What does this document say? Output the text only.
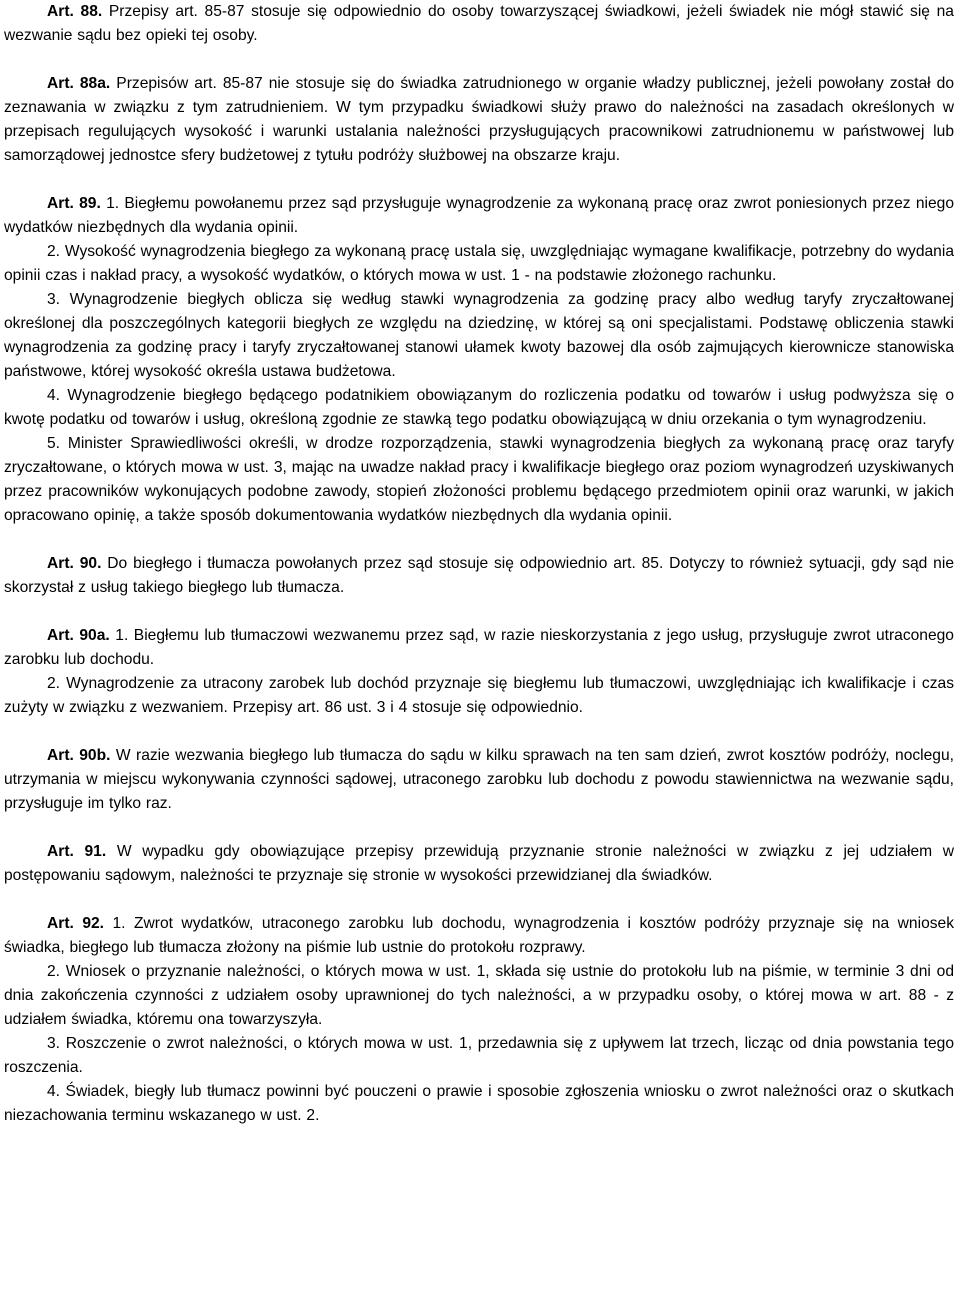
Art. 88. Przepisy art. 85-87 stosuje się odpowiednio do osoby towarzyszącej świadkowi, jeżeli świadek nie mógł stawić się na wezwanie sądu bez opieki tej osoby.

Art. 88a. Przepisów art. 85-87 nie stosuje się do świadka zatrudnionego w organie władzy publicznej, jeżeli powołany został do zeznawania w związku z tym zatrudnieniem. W tym przypadku świadkowi służy prawo do należności na zasadach określonych w przepisach regulujących wysokość i warunki ustalania należności przysługujących pracownikowi zatrudnionemu w państwowej lub samorządowej jednostce sfery budżetowej z tytułu podróży służbowej na obszarze kraju.

Art. 89. 1. Biegłemu powołanemu przez sąd przysługuje wynagrodzenie za wykonaną pracę oraz zwrot poniesionych przez niego wydatków niezbędnych dla wydania opinii.

2. Wysokość wynagrodzenia biegłego za wykonaną pracę ustala się, uwzględniając wymagane kwalifikacje, potrzebny do wydania opinii czas i nakład pracy, a wysokość wydatków, o których mowa w ust. 1 - na podstawie złożonego rachunku.

3. Wynagrodzenie biegłych oblicza się według stawki wynagrodzenia za godzinę pracy albo według taryfy zryczałtowanej określonej dla poszczególnych kategorii biegłych ze względu na dziedzinę, w której są oni specjalistami. Podstawę obliczenia stawki wynagrodzenia za godzinę pracy i taryfy zryczałtowanej stanowi ułamek kwoty bazowej dla osób zajmujących kierownicze stanowiska państwowe, której wysokość określa ustawa budżetowa.

4. Wynagrodzenie biegłego będącego podatnikiem obowiązanym do rozliczenia podatku od towarów i usług podwyższa się o kwotę podatku od towarów i usług, określoną zgodnie ze stawką tego podatku obowiązującą w dniu orzekania o tym wynagrodzeniu.

5. Minister Sprawiedliwości określi, w drodze rozporządzenia, stawki wynagrodzenia biegłych za wykonaną pracę oraz taryfy zryczałtowane, o których mowa w ust. 3, mając na uwadze nakład pracy i kwalifikacje biegłego oraz poziom wynagrodzeń uzyskiwanych przez pracowników wykonujących podobne zawody, stopień złożoności problemu będącego przedmiotem opinii oraz warunki, w jakich opracowano opinię, a także sposób dokumentowania wydatków niezbędnych dla wydania opinii.

Art. 90. Do biegłego i tłumacza powołanych przez sąd stosuje się odpowiednio art. 85. Dotyczy to również sytuacji, gdy sąd nie skorzystał z usług takiego biegłego lub tłumacza.

Art. 90a. 1. Biegłemu lub tłumaczowi wezwanemu przez sąd, w razie nieskorzystania z jego usług, przysługuje zwrot utraconego zarobku lub dochodu.

2. Wynagrodzenie za utracony zarobek lub dochód przyznaje się biegłemu lub tłumaczowi, uwzględniając ich kwalifikacje i czas zużyty w związku z wezwaniem. Przepisy art. 86 ust. 3 i 4 stosuje się odpowiednio.

Art. 90b. W razie wezwania biegłego lub tłumacza do sądu w kilku sprawach na ten sam dzień, zwrot kosztów podróży, noclegu, utrzymania w miejscu wykonywania czynności sądowej, utraconego zarobku lub dochodu z powodu stawiennictwa na wezwanie sądu, przysługuje im tylko raz.

Art. 91. W wypadku gdy obowiązujące przepisy przewidują przyznanie stronie należności w związku z jej udziałem w postępowaniu sądowym, należności te przyznaje się stronie w wysokości przewidzianej dla świadków.

Art. 92. 1. Zwrot wydatków, utraconego zarobku lub dochodu, wynagrodzenia i kosztów podróży przyznaje się na wniosek świadka, biegłego lub tłumacza złożony na piśmie lub ustnie do protokołu rozprawy.

2. Wniosek o przyznanie należności, o których mowa w ust. 1, składa się ustnie do protokołu lub na piśmie, w terminie 3 dni od dnia zakończenia czynności z udziałem osoby uprawnionej do tych należności, a w przypadku osoby, o której mowa w art. 88 - z udziałem świadka, któremu ona towarzyszyła.

3. Roszczenie o zwrot należności, o których mowa w ust. 1, przedawnia się z upływem lat trzech, licząc od dnia powstania tego roszczenia.

4. Świadek, biegły lub tłumacz powinni być pouczeni o prawie i sposobie zgłoszenia wniosku o zwrot należności oraz o skutkach niezachowania terminu wskazanego w ust. 2.
